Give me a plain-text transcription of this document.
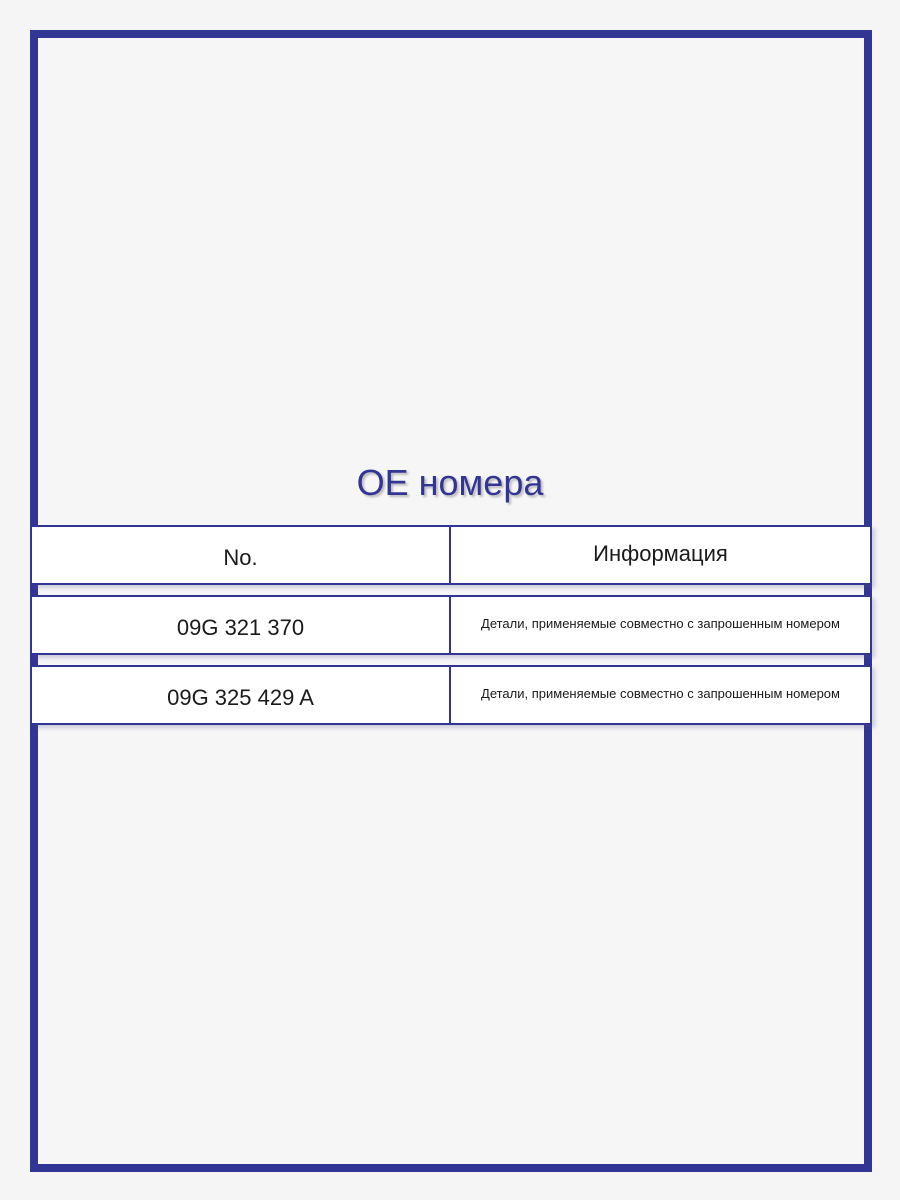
OE номера
No.	Информация
09G 321 370	Детали, применяемые совместно с запрошенным номером
09G 325 429 A	Детали, применяемые совместно с запрошенным номером
